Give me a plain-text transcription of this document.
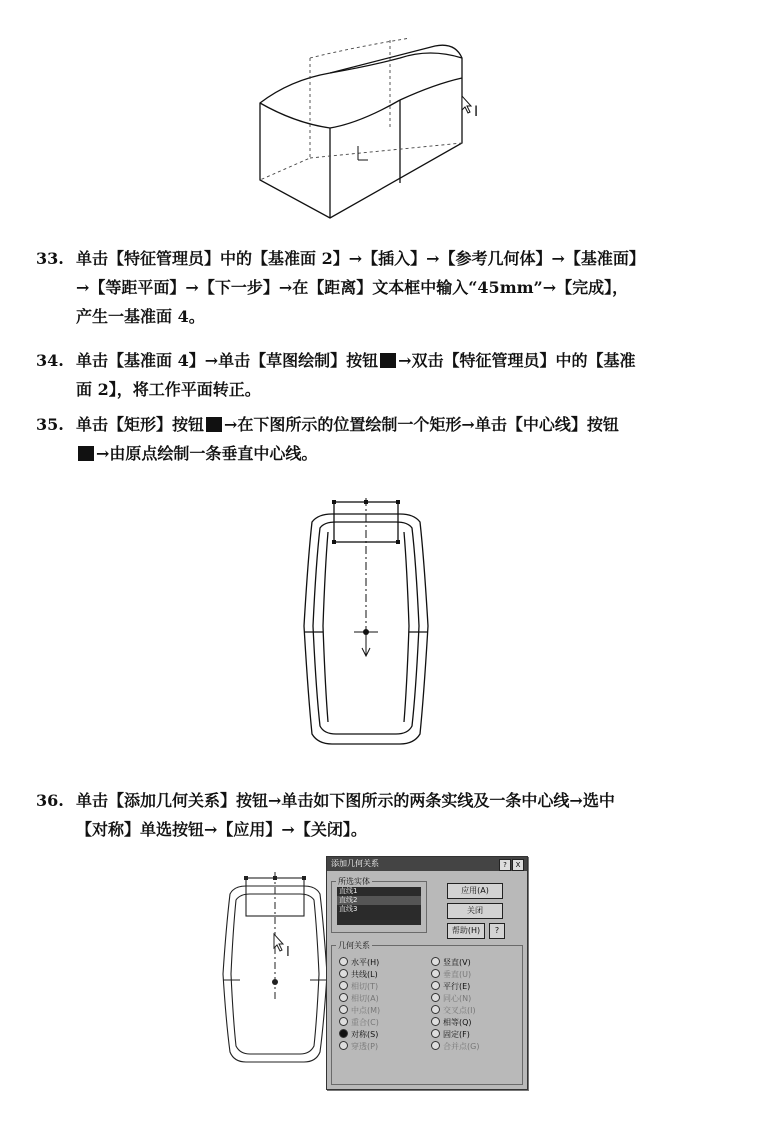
I
33. 单击【特征管理员】中的【基准面 2】→【插入】→【参考几何体】→【基准面】
→【等距平面】→【下一步】→在【距离】文本框中输入“45mm”→【完成】，
产生一基准面 4。
34. 单击【基准面 4】→单击【草图绘制】按钮 →双击【特征管理员】中的【基准
面 2】，将工作平面转正。
35. 单击【矩形】按钮 →在下图所示的位置绘制一个矩形→单击【中心线】按钮
→由原点绘制一条垂直中心线。
36. 单击【添加几何关系】按钮→单击如下图所示的两条实线及一条中心线→选中
【对称】单选按钮→【应用】→【关闭】。
I
添加几何关系	?	X
所选实体
直线1
直线2
直线3
应用(A)
关闭
帮助(H)	?
几何关系
水平(H)
共线(L)
相切(T)
相切(A)
中点(M)
重合(C)
对称(S)
穿透(P)
竖直(V)
垂直(U)
平行(E)
同心(N)
交叉点(I)
相等(Q)
固定(F)
合并点(G)
